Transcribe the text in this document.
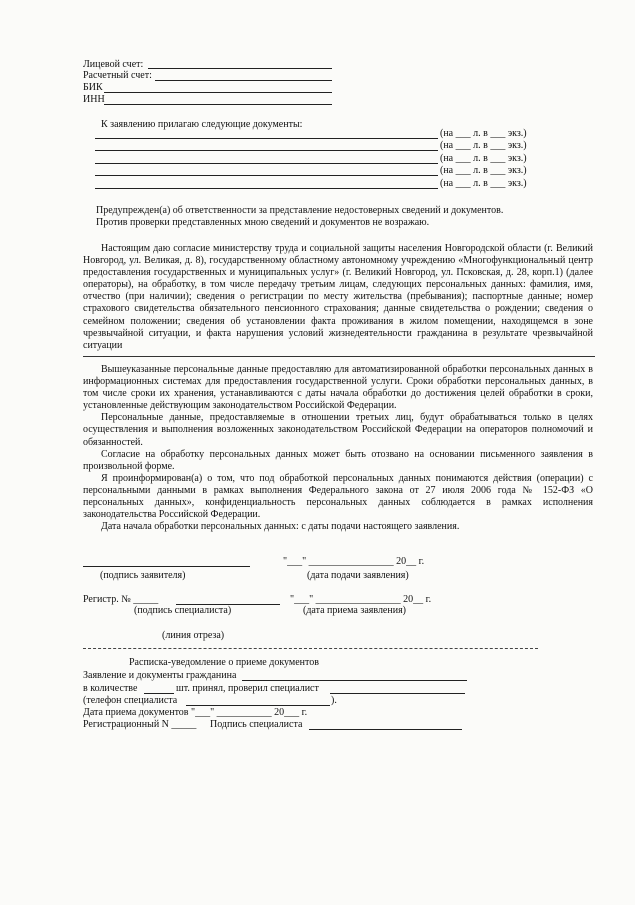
Лицевой счет:
Расчетный счет:
БИК
ИНН
К заявлению прилагаю следующие документы:
(на ___ л. в ___ экз.)
(на ___ л. в ___ экз.)
(на ___ л. в ___ экз.)
(на ___ л. в ___ экз.)
(на ___ л. в ___ экз.)
Предупрежден(а) об ответственности за представление недостоверных сведений и документов.
Против проверки представленных мною сведений и документов не возражаю.

Настоящим даю согласие министерству труда и социальной защиты населения Новгородской области (г. Великий Новгород, ул. Великая, д. 8), государственному областному автономному учреждению «Многофункциональный центр предоставления государственных и муниципальных услуг» (г. Великий Новгород, ул. Псковская, д. 28, корп.1) (далее операторы), на обработку, в том числе передачу третьим лицам, следующих персональных данных: фамилия, имя, отчество (при наличии); сведения о регистрации по месту жительства (пребывания); паспортные данные; номер страхового свидетельства обязательного пенсионного страхования; данные свидетельства о рождении; сведения о семейном положении; сведения об установлении факта проживания в жилом помещении, находящемся в зоне чрезвычайной ситуации, и факта нарушения условий жизнедеятельности гражданина в результате чрезвычайной ситуации

Вышеуказанные персональные данные предоставляю для автоматизированной обработки персональных данных в информационных системах для предоставления государственной услуги. Сроки обработки персональных данных, в том числе сроки их хранения, устанавливаются с даты начала обработки до достижения целей обработки в сроки, установленные действующим законодательством Российской Федерации.

Персональные данные, предоставляемые в отношении третьих лиц, будут обрабатываться только в целях осуществления и выполнения возложенных законодательством Российской Федерации на операторов полномочий и обязанностей.

Согласие на обработку персональных данных может быть отозвано на основании письменного заявления в произвольной форме.

Я проинформирован(а) о том, что под обработкой персональных данных понимаются действия (операции) с персональными данными в рамках выполнения Федерального закона от 27 июля 2006 года № 152-ФЗ «О персональных данных», конфиденциальность персональных данных соблюдается в рамках исполнения законодательства Российской Федерации.

Дата начала обработки персональных данных: с даты подачи настоящего заявления.

"___" _________________ 20__ г.
(подпись заявителя)	(дата подачи заявления)
Регистр. № _____	"___" _________________ 20__ г.
(подпись специалиста)	(дата приема заявления)
(линия отреза)
Расписка-уведомление о приеме документов
Заявление и документы гражданина
в количестве	шт. принял, проверил специалист
(телефон специалиста	).
Дата приема документов "___" ___________ 20___ г.
Регистрационный N _____ Подпись специалиста
